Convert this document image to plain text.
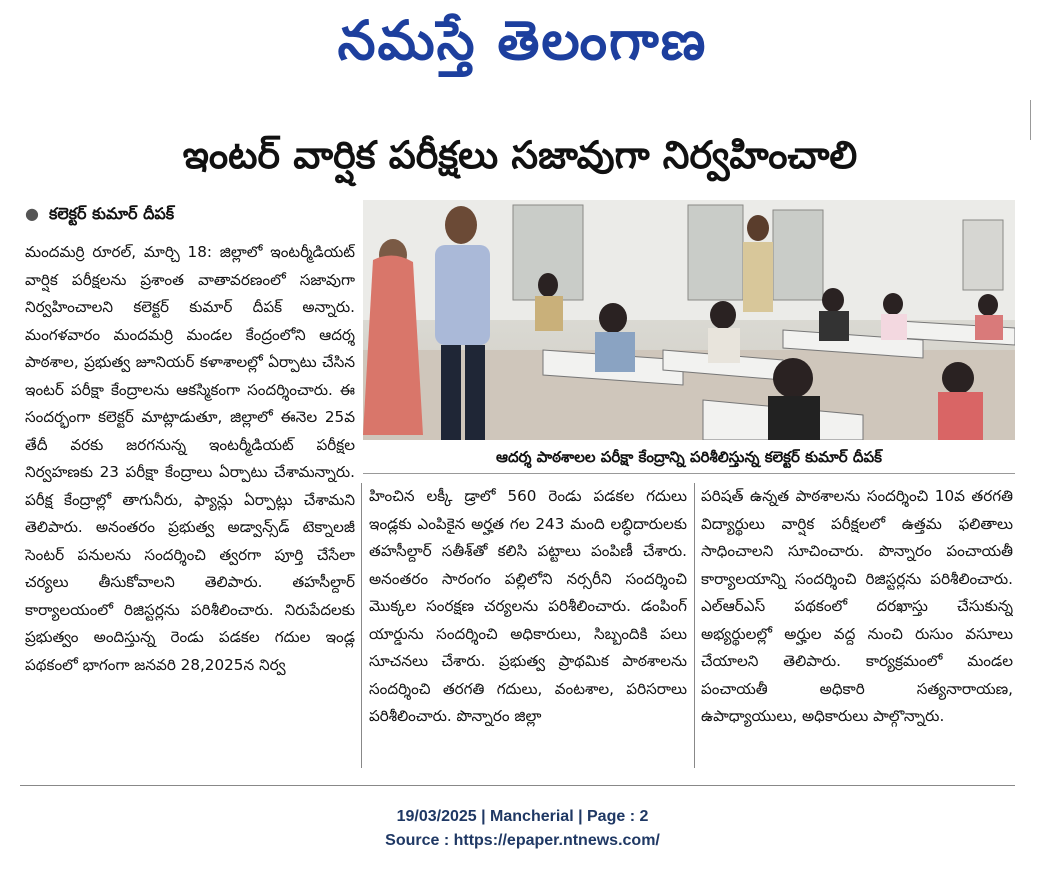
నమస్తే తెలంగాణ
ఇంటర్ వార్షిక పరీక్షలు సజావుగా నిర్వహించాలి
● కలెక్టర్ కుమార్ దీపక్
మందమర్రి రూరల్, మార్చి 18: జిల్లాలో ఇంటర్మీడియట్ వార్షిక పరీక్షలను ప్రశాంత వాతావరణంలో సజావుగా నిర్వహించాలని కలెక్టర్ కుమార్ దీపక్ అన్నారు. మంగళవారం మందమర్రి మండల కేంద్రంలోని ఆదర్శ పాఠశాల, ప్రభుత్వ జూనియర్ కళాశాలల్లో ఏర్పాటు చేసిన ఇంటర్ పరీక్షా కేంద్రాలను ఆకస్మికంగా సందర్శించారు. ఈ సందర్భంగా కలెక్టర్ మాట్లాడుతూ, జిల్లాలో ఈనెల 25వ తేదీ వరకు జరగనున్న ఇంటర్మీడియట్ పరీక్షల నిర్వహణకు 23 పరీక్షా కేంద్రాలు ఏర్పాటు చేశామన్నారు. పరీక్ష కేంద్రాల్లో తాగునీరు, ఫ్యాన్లు ఏర్పాట్లు చేశామని తెలిపారు. అనంతరం ప్రభుత్వ అడ్వాన్స్‌డ్ టెక్నాలజీ సెంటర్ పనులను సందర్శించి త్వరగా పూర్తి చేసేలా చర్యలు తీసుకోవాలని తెలిపారు. తహసీల్దార్ కార్యాలయంలో రిజిస్టర్లను పరిశీలించారు. నిరుపేదలకు ప్రభుత్వం అందిస్తున్న రెండు పడకల గదుల ఇండ్ల పథకంలో భాగంగా జనవరి 28,2025న నిర్వ
ఆదర్శ పాఠశాలల పరీక్షా కేంద్రాన్ని పరిశీలిస్తున్న కలెక్టర్ కుమార్ దీపక్
హించిన లక్కీ డ్రాలో 560 రెండు పడకల గదులు ఇండ్లకు ఎంపికైన అర్హత గల 243 మంది లబ్ధిదారులకు తహసీల్దార్ సతీశ్‌తో కలిసి పట్టాలు పంపిణీ చేశారు. అనంతరం సారంగం పల్లిలోని నర్సరీని సందర్శించి మొక్కల సంరక్షణ చర్యలను పరిశీలించారు. డంపింగ్ యార్డును సందర్శించి అధికారులు, సిబ్బందికి పలు సూచనలు చేశారు. ప్రభుత్వ ప్రాథమిక పాఠశాలను సందర్శించి తరగతి గదులు, వంటశాల, పరిసరాలు పరిశీలించారు. పొన్నారం జిల్లా
పరిషత్ ఉన్నత పాఠశాలను సందర్శించి 10వ తరగతి విద్యార్థులు వార్షిక పరీక్షలలో ఉత్తమ ఫలితాలు సాధించాలని సూచించారు. పొన్నారం పంచాయతీ కార్యాలయాన్ని సందర్శించి రిజిస్టర్లను పరిశీలించారు. ఎల్ఆర్ఎస్ పథకంలో దరఖాస్తు చేసుకున్న అభ్యర్థులల్లో అర్హుల వద్ద నుంచి రుసుం వసూలు చేయాలని తెలిపారు. కార్యక్రమంలో మండల పంచాయతీ అధికారి సత్యనారాయణ, ఉపాధ్యాయులు, అధికారులు పాల్గొన్నారు.
19/03/2025 | Mancherial | Page : 2
Source : https://epaper.ntnews.com/
